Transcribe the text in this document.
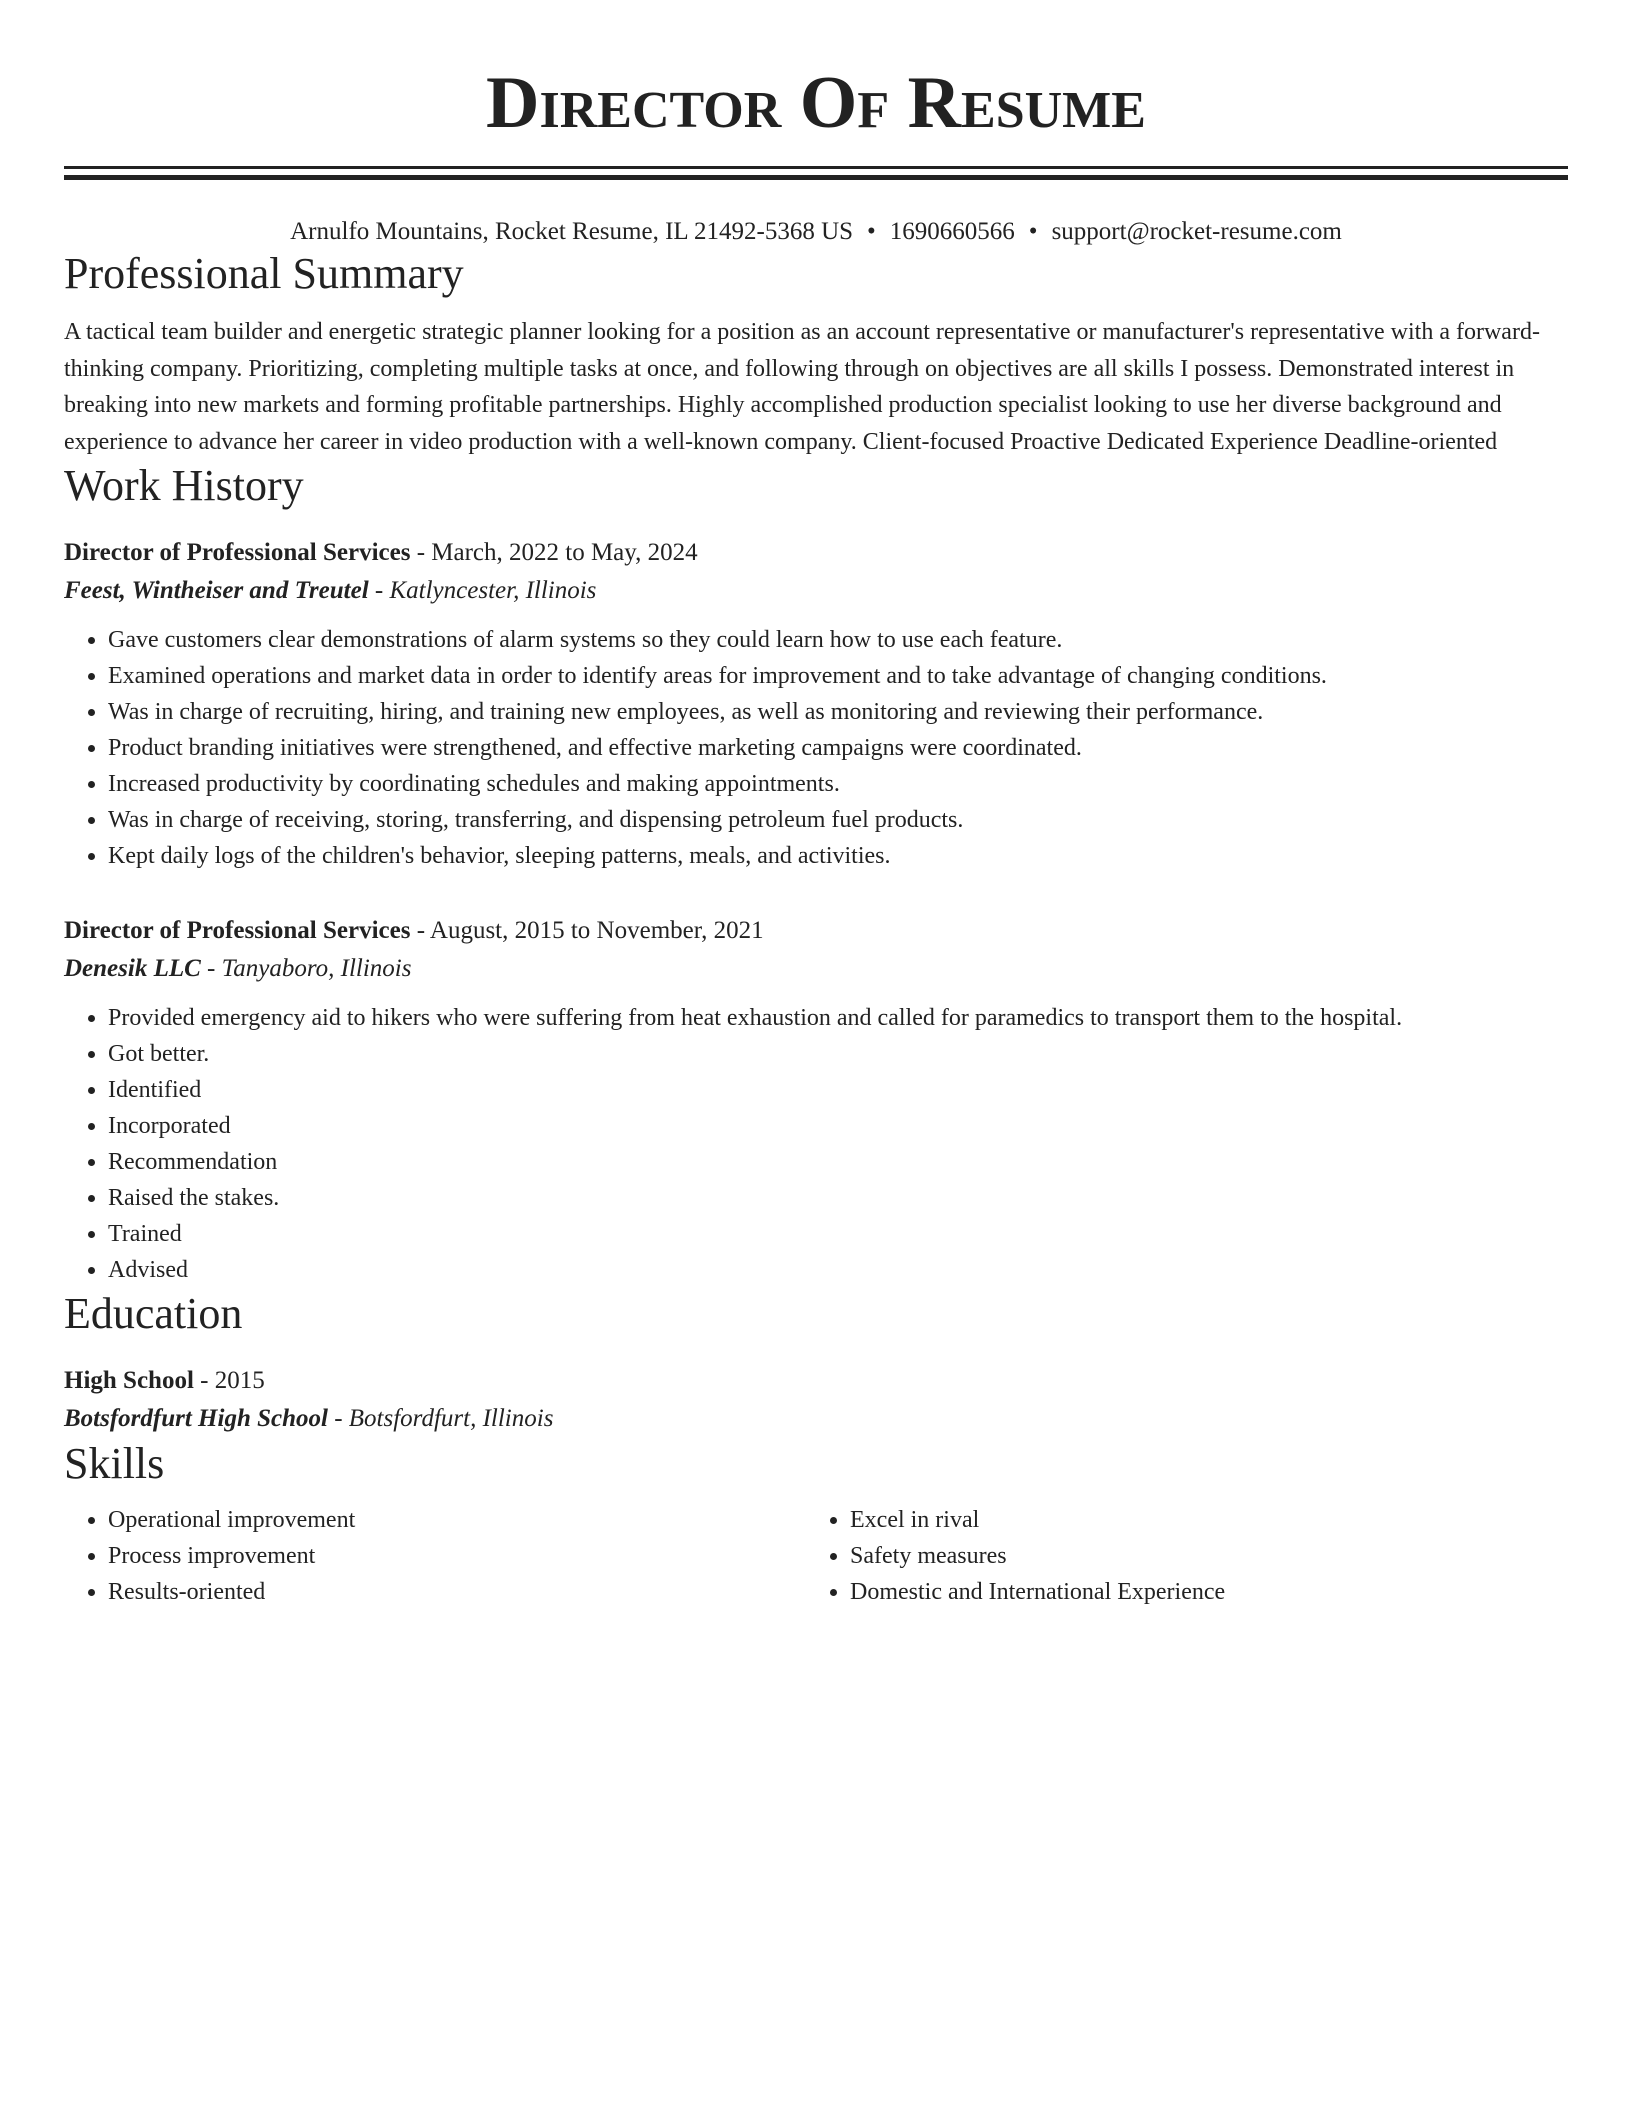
Director Of Resume
Arnulfo Mountains, Rocket Resume, IL 21492-5368 US • 1690660566 • support@rocket-resume.com
Professional Summary

A tactical team builder and energetic strategic planner looking for a position as an account representative or manufacturer's representative with a forward-thinking company. Prioritizing, completing multiple tasks at once, and following through on objectives are all skills I possess. Demonstrated interest in breaking into new markets and forming profitable partnerships. Highly accomplished production specialist looking to use her diverse background and experience to advance her career in video production with a well-known company. Client-focused Proactive Dedicated Experience Deadline-oriented

Work History
Director of Professional Services - March, 2022 to May, 2024
Feest, Wintheiser and Treutel - Katlyncester, Illinois
• Gave customers clear demonstrations of alarm systems so they could learn how to use each feature.
• Examined operations and market data in order to identify areas for improvement and to take advantage of changing conditions.
• Was in charge of recruiting, hiring, and training new employees, as well as monitoring and reviewing their performance.
• Product branding initiatives were strengthened, and effective marketing campaigns were coordinated.
• Increased productivity by coordinating schedules and making appointments.
• Was in charge of receiving, storing, transferring, and dispensing petroleum fuel products.
• Kept daily logs of the children's behavior, sleeping patterns, meals, and activities.
Director of Professional Services - August, 2015 to November, 2021
Denesik LLC - Tanyaboro, Illinois
• Provided emergency aid to hikers who were suffering from heat exhaustion and called for paramedics to transport them to the hospital.
• Got better.
• Identified
• Incorporated
• Recommendation
• Raised the stakes.
• Trained
• Advised
Education
High School - 2015
Botsfordfurt High School - Botsfordfurt, Illinois
Skills
• Operational improvement
• Process improvement
• Results-oriented
• Excel in rival
• Safety measures
• Domestic and International Experience
